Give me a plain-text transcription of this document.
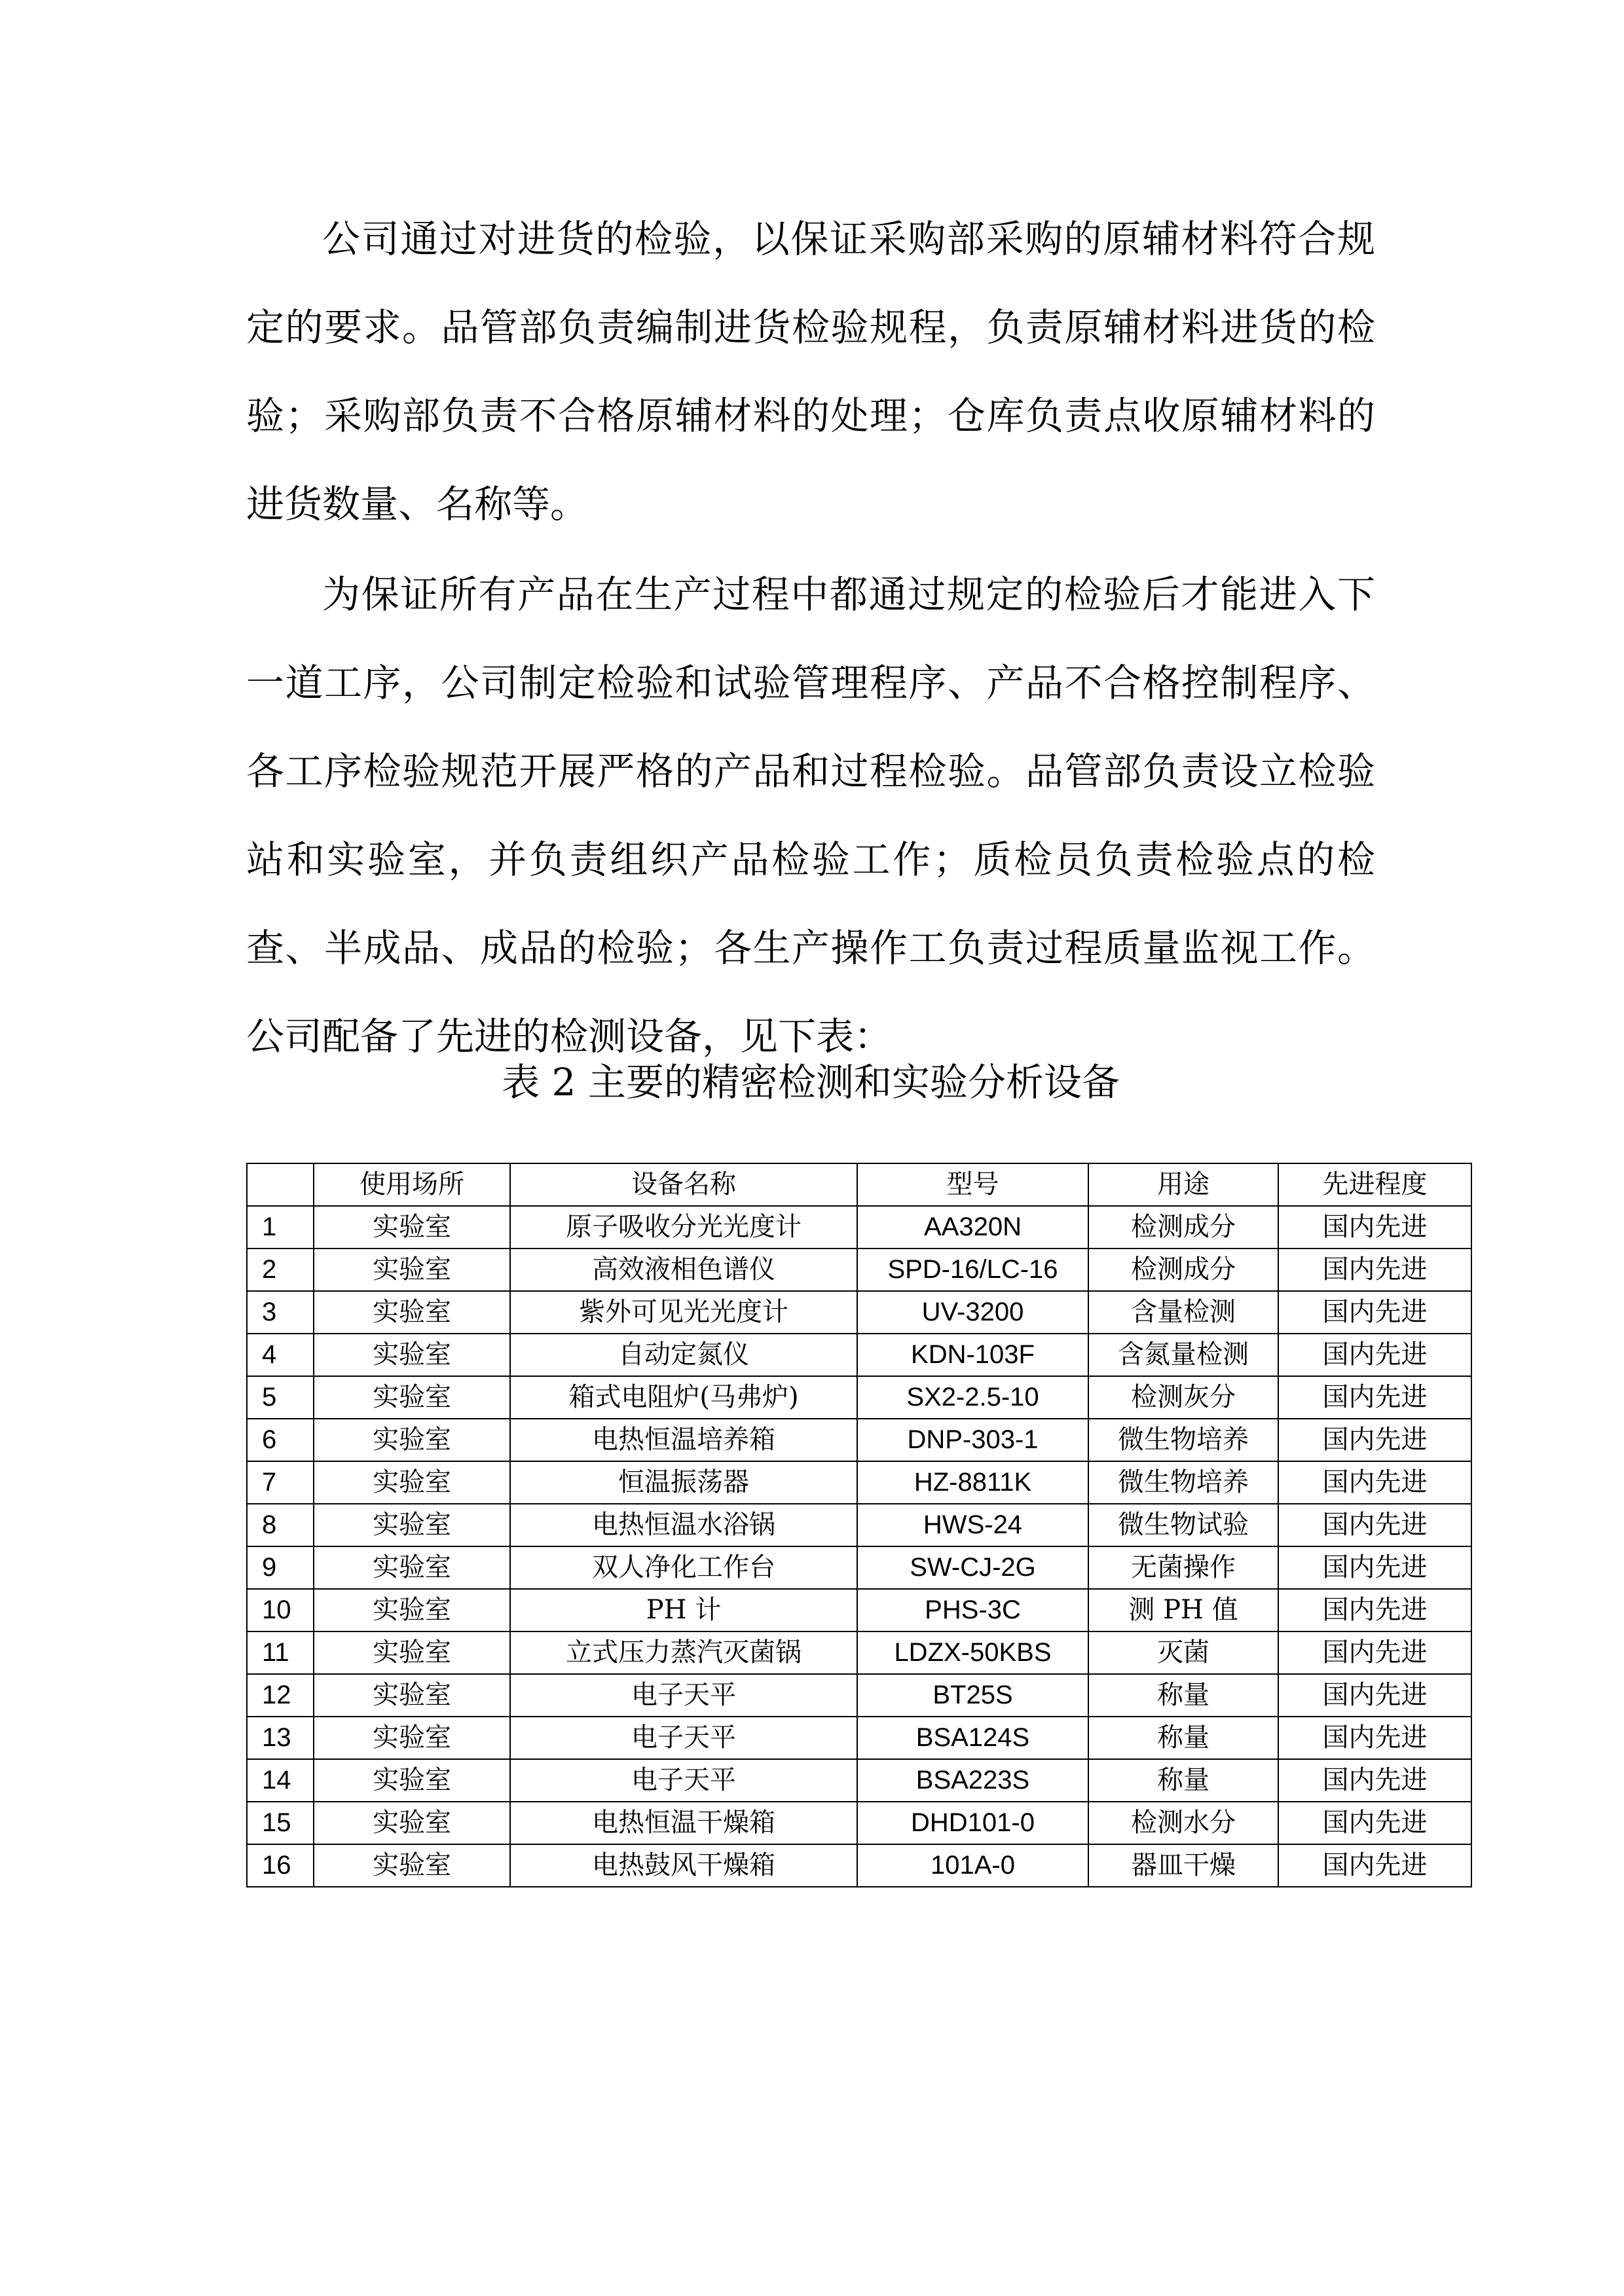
公司通过对进货的检验，以保证采购部采购的原辅材料符合规定的要求。品管部负责编制进货检验规程，负责原辅材料进货的检验；采购部负责不合格原辅材料的处理；仓库负责点收原辅材料的进货数量、名称等。

为保证所有产品在生产过程中都通过规定的检验后才能进入下一道工序，公司制定检验和试验管理程序、产品不合格控制程序、各工序检验规范开展严格的产品和过程检验。品管部负责设立检验站和实验室，并负责组织产品检验工作；质检员负责检验点的检查、半成品、成品的检验；各生产操作工负责过程质量监视工作。公司配备了先进的检测设备，见下表：

表 2 主要的精密检测和实验分析设备
	使用场所	设备名称	型号	用途	先进程度
1	实验室	原子吸收分光光度计	AA320N	检测成分	国内先进
2	实验室	高效液相色谱仪	SPD-16/LC-16	检测成分	国内先进
3	实验室	紫外可见光光度计	UV-3200	含量检测	国内先进
4	实验室	自动定氮仪	KDN-103F	含氮量检测	国内先进
5	实验室	箱式电阻炉(马弗炉)	SX2-2.5-10	检测灰分	国内先进
6	实验室	电热恒温培养箱	DNP-303-1	微生物培养	国内先进
7	实验室	恒温振荡器	HZ-8811K	微生物培养	国内先进
8	实验室	电热恒温水浴锅	HWS-24	微生物试验	国内先进
9	实验室	双人净化工作台	SW-CJ-2G	无菌操作	国内先进
10	实验室	PH 计	PHS-3C	测 PH 值	国内先进
11	实验室	立式压力蒸汽灭菌锅	LDZX-50KBS	灭菌	国内先进
12	实验室	电子天平	BT25S	称量	国内先进
13	实验室	电子天平	BSA124S	称量	国内先进
14	实验室	电子天平	BSA223S	称量	国内先进
15	实验室	电热恒温干燥箱	DHD101-0	检测水分	国内先进
16	实验室	电热鼓风干燥箱	101A-0	器皿干燥	国内先进
